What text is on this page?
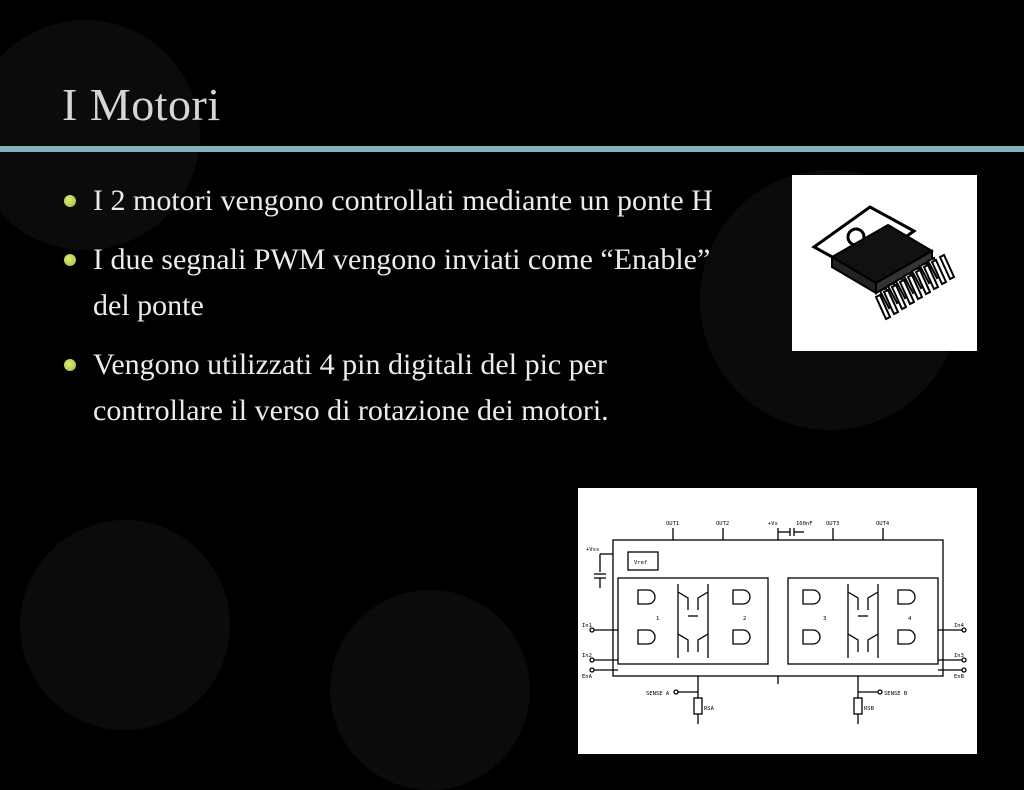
I Motori
I 2 motori vengono controllati mediante un ponte H
I due segnali PWM vengono inviati come “Enable” del ponte
Vengono utilizzati 4 pin digitali del pic per controllare il verso di rotazione dei motori.
OUT1	OUT2	+Vs	100nF OUT3	OUT4
+Vss
Vref
In1
In2
EnA
In4
In3
EnB
SENSE A	SENSE B
RSA	RSB
1	2	3	4
